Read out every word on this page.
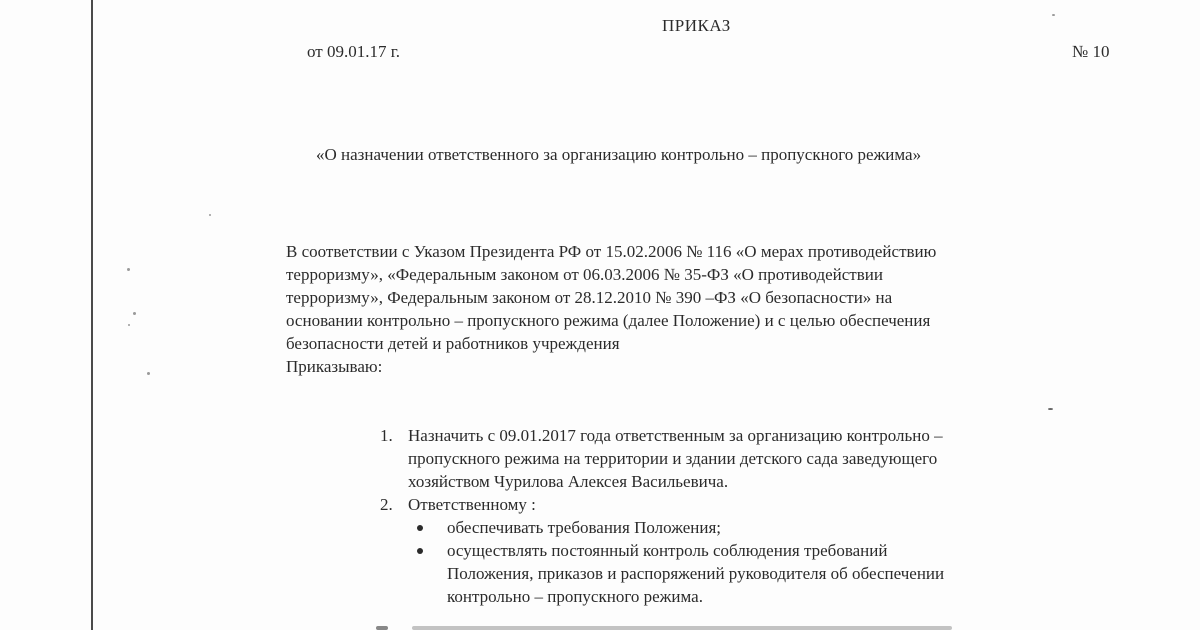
ПРИКАЗ
от 09.01.17 г.	№ 10
«О назначении ответственного за организацию контрольно – пропускного режима»
В соответствии с Указом Президента РФ от 15.02.2006 № 116 «О мерах противодействию
терроризму», «Федеральным законом от 06.03.2006 № 35-ФЗ «О противодействии
терроризму», Федеральным законом от 28.12.2010 № 390 –ФЗ «О безопасности» на
основании контрольно – пропускного режима (далее Положение) и с целью обеспечения
безопасности детей и работников учреждения
Приказываю:
1. Назначить с 09.01.2017 года ответственным за организацию контрольно –
пропускного режима на территории и здании детского сада заведующего
хозяйством Чурилова Алексея Васильевича.
2. Ответственному :
обеспечивать требования Положения;
осуществлять постоянный контроль соблюдения требований
Положения, приказов и распоряжений руководителя об обеспечении
контрольно – пропускного режима.
